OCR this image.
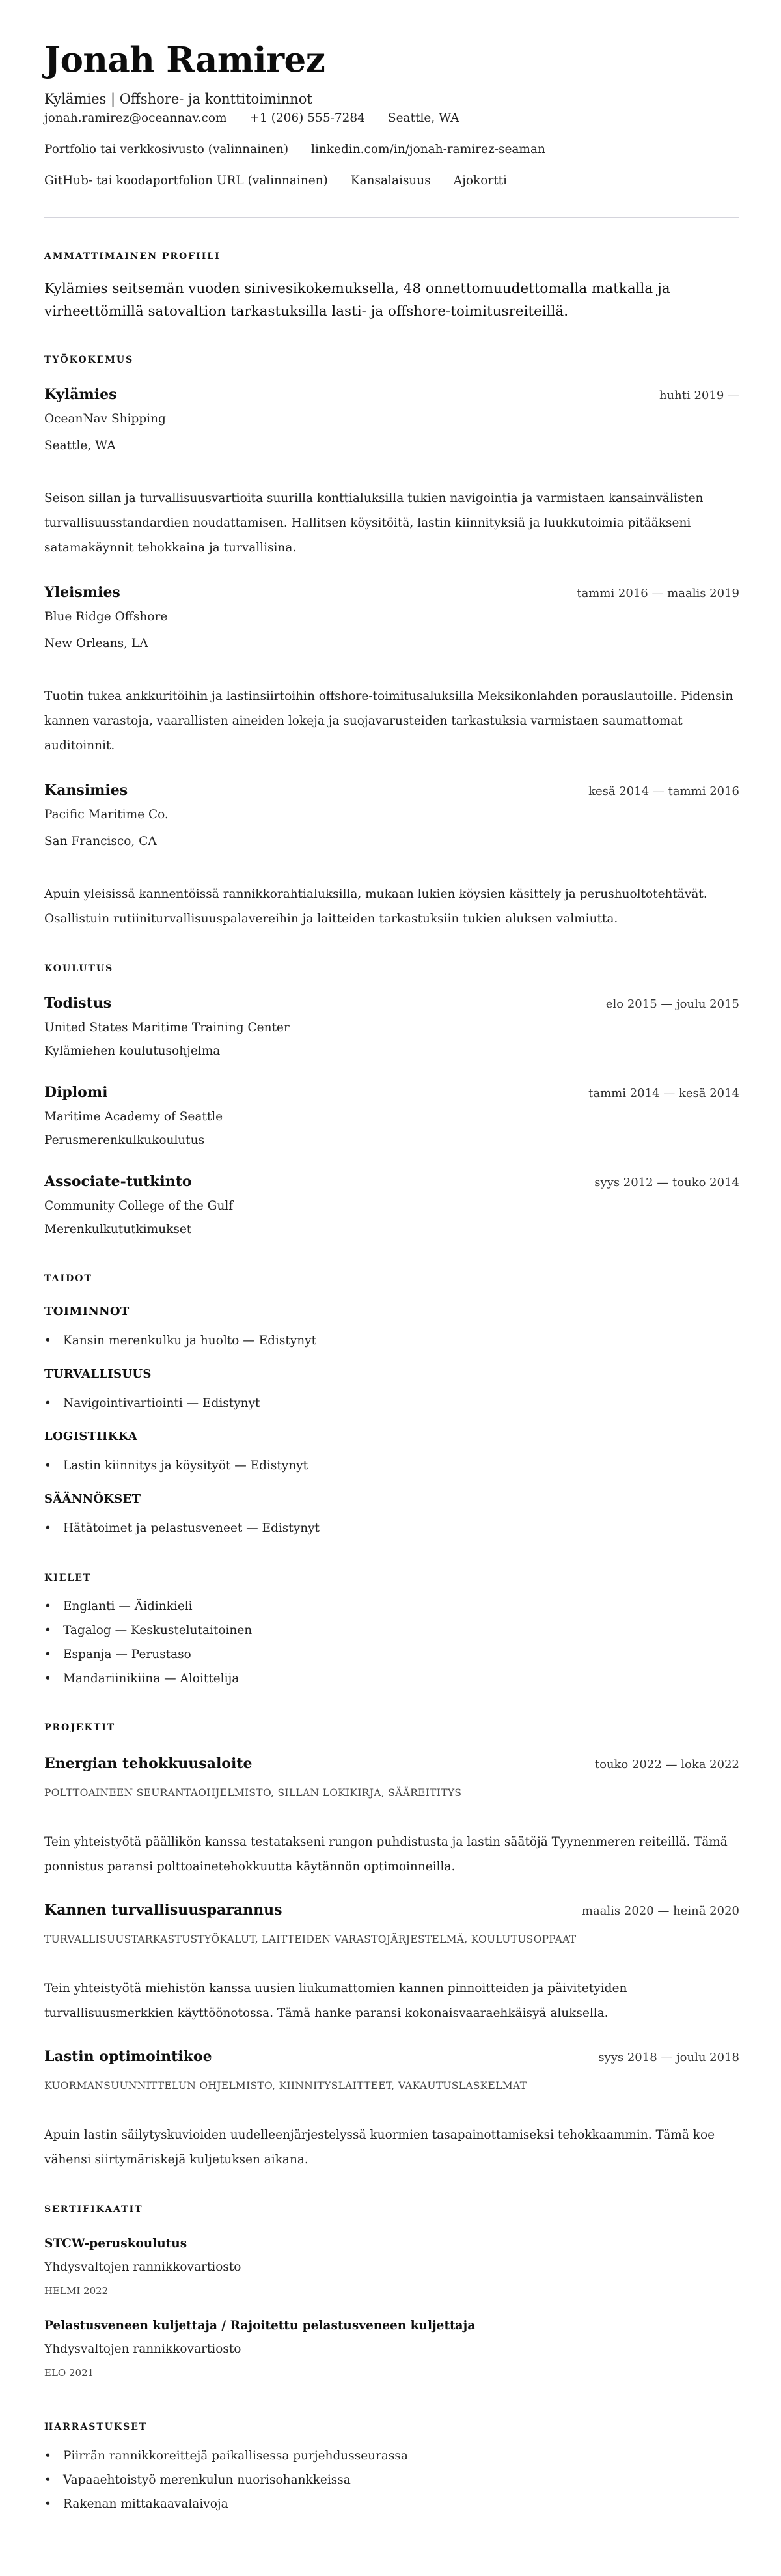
Jonah Ramirez
Kylämies | Offshore- ja konttitoiminnot
jonah.ramirez@oceannav.com +1 (206) 555-7284 Seattle, WA
Portfolio tai verkkosivusto (valinnainen) linkedin.com/in/jonah-ramirez-seaman
GitHub- tai koodaportfolion URL (valinnainen) Kansalaisuus Ajokortti
AMMATTIMAINEN PROFIILI

Kylämies seitsemän vuoden sinivesikokemuksella, 48 onnettomuudettomalla matkalla ja virheettömillä satovaltion tarkastuksilla lasti- ja offshore-toimitusreiteillä.

TYÖKOKEMUS
Kylämies	huhti 2019 —
OceanNav Shipping
Seattle, WA

Seison sillan ja turvallisuusvartioita suurilla konttialuksilla tukien navigointia ja varmistaen kansainvälisten turvallisuusstandardien noudattamisen. Hallitsen köysitöitä, lastin kiinnityksiä ja luukkutoimia pitääkseni satamakäynnit tehokkaina ja turvallisina.

Yleismies	tammi 2016 — maalis 2019
Blue Ridge Offshore
New Orleans, LA

Tuotin tukea ankkuritöihin ja lastinsiirtoihin offshore-toimitusaluksilla Meksikonlahden porauslautoille. Pidensin kannen varastoja, vaarallisten aineiden lokeja ja suojavarusteiden tarkastuksia varmistaen saumattomat auditoinnit.

Kansimies	kesä 2014 — tammi 2016
Pacific Maritime Co.
San Francisco, CA

Apuin yleisissä kannentöissä rannikkorahtialuksilla, mukaan lukien köysien käsittely ja perushuoltotehtävät. Osallistuin rutiiniturvallisuuspalavereihin ja laitteiden tarkastuksiin tukien aluksen valmiutta.

KOULUTUS
Todistus	elo 2015 — joulu 2015
United States Maritime Training Center
Kylämiehen koulutusohjelma
Diplomi	tammi 2014 — kesä 2014
Maritime Academy of Seattle
Perusmerenkulkukoulutus
Associate-tutkinto	syys 2012 — touko 2014
Community College of the Gulf
Merenkulkututkimukset
TAIDOT
TOIMINNOT
• Kansin merenkulku ja huolto — Edistynyt
TURVALLISUUS
• Navigointivartiointi — Edistynyt
LOGISTIIKKA
• Lastin kiinnitys ja köysityöt — Edistynyt
SÄÄNNÖKSET
• Hätätoimet ja pelastusveneet — Edistynyt
KIELET
• Englanti — Äidinkieli
• Tagalog — Keskustelutaitoinen
• Espanja — Perustaso
• Mandariinikiina — Aloittelija
PROJEKTIT
Energian tehokkuusaloite	touko 2022 — loka 2022
POLTTOAINEEN SEURANTAOHJELMISTO, SILLAN LOKIKIRJA, SÄÄREITITYS

Tein yhteistyötä päällikön kanssa testatakseni rungon puhdistusta ja lastin säätöjä Tyynenmeren reiteillä. Tämä ponnistus paransi polttoainetehokkuutta käytännön optimoinneilla.

Kannen turvallisuusparannus	maalis 2020 — heinä 2020
TURVALLISUUSTARKASTUSTYÖKALUT, LAITTEIDEN VARASTOJÄRJESTELMÄ, KOULUTUSOPPAAT

Tein yhteistyötä miehistön kanssa uusien liukumattomien kannen pinnoitteiden ja päivitetyiden turvallisuusmerkkien käyttöönotossa. Tämä hanke paransi kokonaisvaaraehkäisyä aluksella.

Lastin optimointikoe	syys 2018 — joulu 2018
KUORMANSUUNNITTELUN OHJELMISTO, KIINNITYSLAITTEET, VAKAUTUSLASKELMAT

Apuin lastin säilytyskuvioiden uudelleenjärjestelyssä kuormien tasapainottamiseksi tehokkaammin. Tämä koe vähensi siirtymäriskejä kuljetuksen aikana.

SERTIFIKAATIT
STCW-peruskoulutus
Yhdysvaltojen rannikkovartiosto
HELMI 2022
Pelastusveneen kuljettaja / Rajoitettu pelastusveneen kuljettaja
Yhdysvaltojen rannikkovartiosto
ELO 2021
HARRASTUKSET
• Piirrän rannikkoreittejä paikallisessa purjehdusseurassa
• Vapaaehtoistyö merenkulun nuorisohankkeissa
• Rakenan mittakaavalaivoja
